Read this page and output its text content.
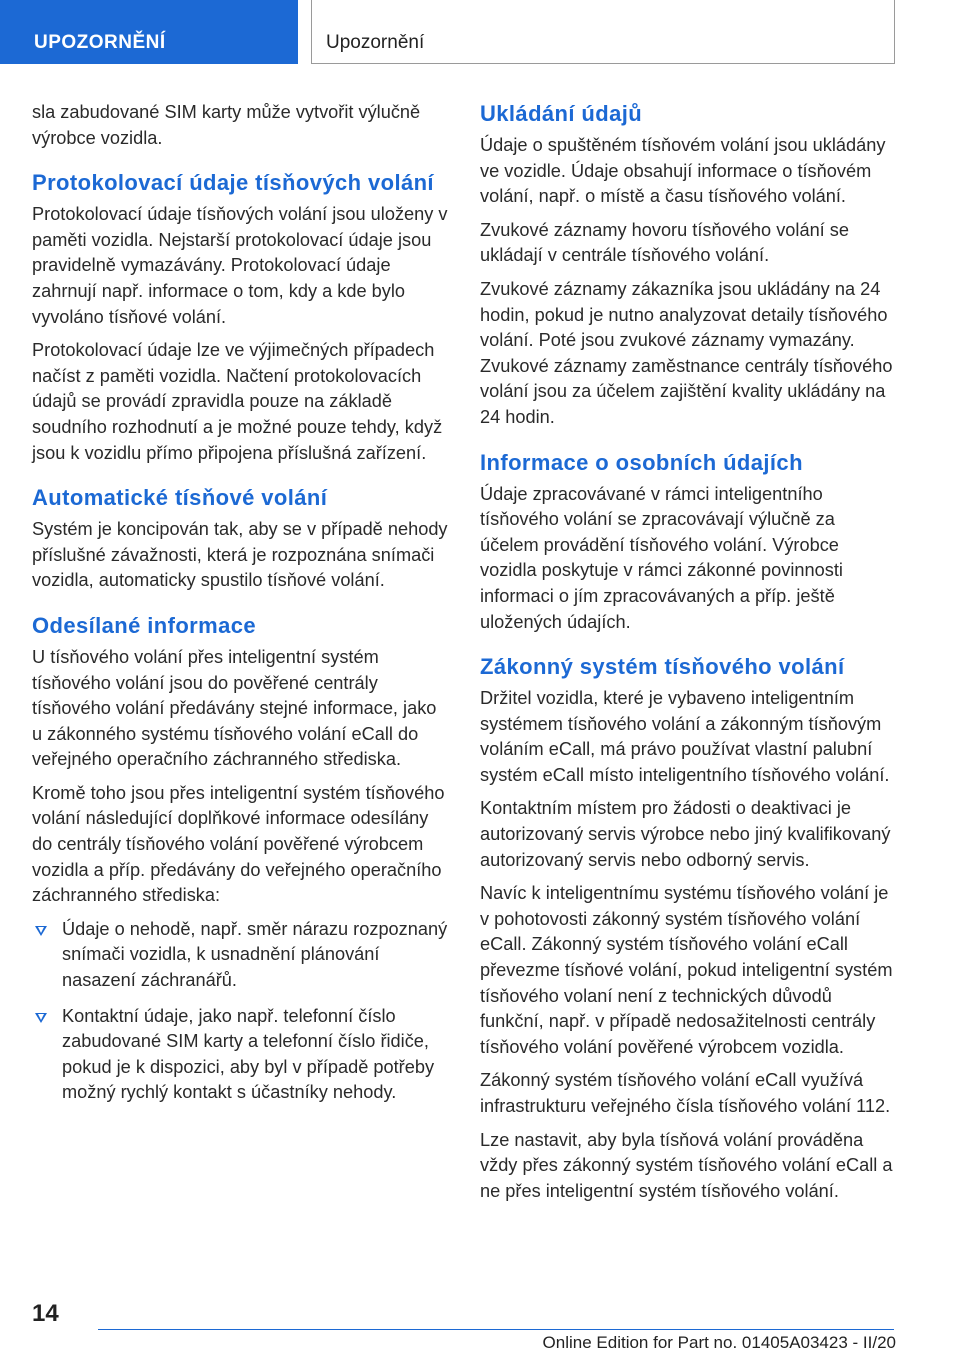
UPOZORNĚNÍ	Upozornění

sla zabudované SIM karty může vytvořit výlučně výrobce vozidla.

Protokolovací údaje tísňových volání

Protokolovací údaje tísňových volání jsou uloženy v paměti vozidla. Nejstarší protokolovací údaje jsou pravidelně vymazávány. Protokolovací údaje zahrnují např. informace o tom, kdy a kde bylo vyvoláno tísňové volání.

Protokolovací údaje lze ve výjimečných případech načíst z paměti vozidla. Načtení protokolovacích údajů se provádí zpravidla pouze na základě soudního rozhodnutí a je možné pouze tehdy, když jsou k vozidlu přímo připojena příslušná zařízení.

Automatické tísňové volání

Systém je koncipován tak, aby se v případě nehody příslušné závažnosti, která je rozpoznána snímači vozidla, automaticky spustilo tísňové volání.

Odesílané informace

U tísňového volání přes inteligentní systém tísňového volání jsou do pověřené centrály tísňového volání předávány stejné informace, jako u zákonného systému tísňového volání eCall do veřejného operačního záchranného střediska.

Kromě toho jsou přes inteligentní systém tísňového volání následující doplňkové informace odesílány do centrály tísňového volání pověřené výrobcem vozidla a příp. předávány do veřejného operačního záchranného střediska:

Údaje o nehodě, např. směr nárazu rozpoznaný snímači vozidla, k usnadnění plánování nasazení záchranářů.
Kontaktní údaje, jako např. telefonní číslo zabudované SIM karty a telefonní číslo řidiče, pokud je k dispozici, aby byl v případě potřeby možný rychlý kontakt s účastníky nehody.
Ukládání údajů

Údaje o spuštěném tísňovém volání jsou ukládány ve vozidle. Údaje obsahují informace o tísňovém volání, např. o místě a času tísňového volání.

Zvukové záznamy hovoru tísňového volání se ukládají v centrále tísňového volání.

Zvukové záznamy zákazníka jsou ukládány na 24 hodin, pokud je nutno analyzovat detaily tísňového volání. Poté jsou zvukové záznamy vymazány. Zvukové záznamy zaměstnance centrály tísňového volání jsou za účelem zajištění kvality ukládány na 24 hodin.

Informace o osobních údajích

Údaje zpracovávané v rámci inteligentního tísňového volání se zpracovávají výlučně za účelem provádění tísňového volání. Výrobce vozidla poskytuje v rámci zákonné povinnosti informaci o jím zpracovávaných a příp. ještě uložených údajích.

Zákonný systém tísňového volání

Držitel vozidla, které je vybaveno inteligentním systémem tísňového volání a zákonným tísňovým voláním eCall, má právo používat vlastní palubní systém eCall místo inteligentního tísňového volání.

Kontaktním místem pro žádosti o deaktivaci je autorizovaný servis výrobce nebo jiný kvalifikovaný autorizovaný servis nebo odborný servis.

Navíc k inteligentnímu systému tísňového volání je v pohotovosti zákonný systém tísňového volání eCall. Zákonný systém tísňového volání eCall převezme tísňové volání, pokud inteligentní systém tísňového volaní není z technických důvodů funkční, např. v případě nedosažitelnosti centrály tísňového volání pověřené výrobcem vozidla.

Zákonný systém tísňového volání eCall využívá infrastrukturu veřejného čísla tísňového volání 112.

Lze nastavit, aby byla tísňová volání prováděna vždy přes zákonný systém tísňového volání eCall a ne přes inteligentní systém tísňového volání.

14
Online Edition for Part no. 01405A03423 - II/20
